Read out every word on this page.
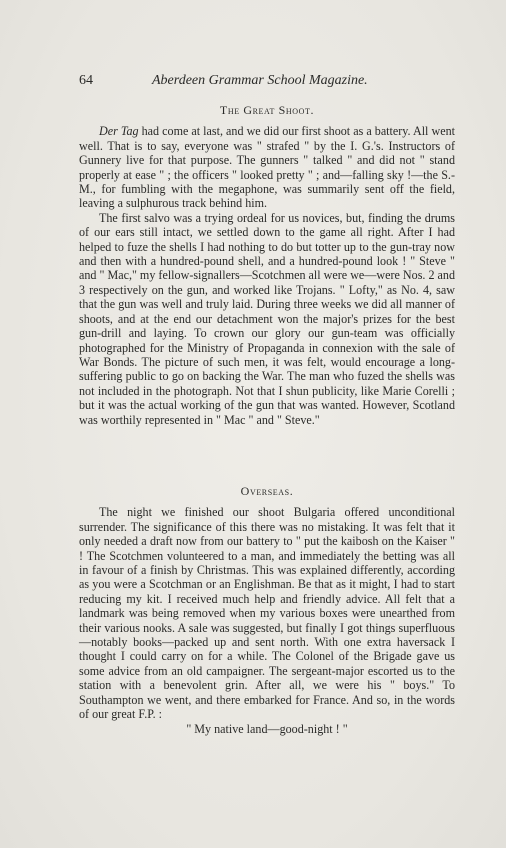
64	Aberdeen Grammar School Magazine.
The Great Shoot.

Der Tag had come at last, and we did our first shoot as a battery. All went well. That is to say, everyone was " strafed " by the I. G.'s. Instructors of Gunnery live for that purpose. The gunners " talked " and did not " stand properly at ease " ; the officers " looked pretty " ; and—falling sky !—the S.-M., for fumbling with the megaphone, was summarily sent off the field, leaving a sulphurous track behind him.

The first salvo was a trying ordeal for us novices, but, finding the drums of our ears still intact, we settled down to the game all right. After I had helped to fuze the shells I had nothing to do but totter up to the gun-tray now and then with a hundred-pound shell, and a hundred-pound look ! " Steve " and " Mac," my fellow-signallers—Scotchmen all were we—were Nos. 2 and 3 respectively on the gun, and worked like Trojans. " Lofty," as No. 4, saw that the gun was well and truly laid. During three weeks we did all manner of shoots, and at the end our detachment won the major's prizes for the best gun-drill and laying. To crown our glory our gun-team was officially photographed for the Ministry of Propaganda in connexion with the sale of War Bonds. The picture of such men, it was felt, would encourage a long-suffering public to go on backing the War. The man who fuzed the shells was not included in the photograph. Not that I shun publicity, like Marie Corelli ; but it was the actual working of the gun that was wanted. However, Scotland was worthily represented in " Mac " and " Steve."

Overseas.

The night we finished our shoot Bulgaria offered unconditional surrender. The significance of this there was no mistaking. It was felt that it only needed a draft now from our battery to " put the kaibosh on the Kaiser " ! The Scotchmen volunteered to a man, and immediately the betting was all in favour of a finish by Christmas. This was explained differently, according as you were a Scotchman or an Englishman. Be that as it might, I had to start reducing my kit. I received much help and friendly advice. All felt that a landmark was being removed when my various boxes were unearthed from their various nooks. A sale was suggested, but finally I got things superfluous—notably books—packed up and sent north. With one extra haversack I thought I could carry on for a while. The Colonel of the Brigade gave us some advice from an old campaigner. The sergeant-major escorted us to the station with a benevolent grin. After all, we were his " boys." To Southampton we went, and there embarked for France. And so, in the words of our great F.P. :

" My native land—good-night ! "
